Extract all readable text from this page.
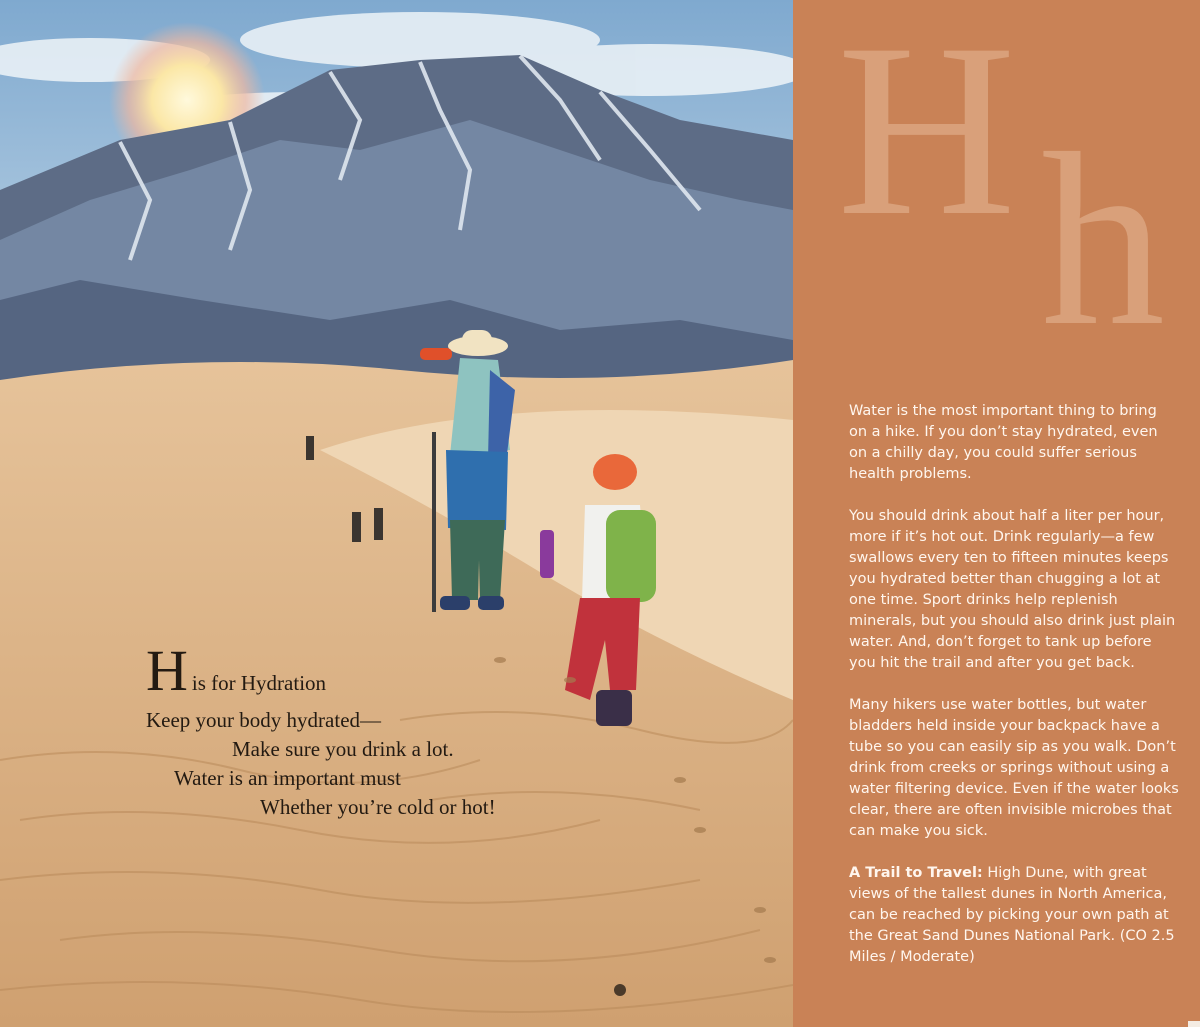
H is for Hydration
Keep your body hydrated—
Make sure you drink a lot.
Water is an important must
Whether you’re cold or hot!
H h

Water is the most important thing to bring on a hike. If you don’t stay hydrated, even on a chilly day, you could suffer serious health problems.

You should drink about half a liter per hour, more if it’s hot out. Drink regularly—a few swallows every ten to fifteen minutes keeps you hydrated better than chugging a lot at one time. Sport drinks help replenish minerals, but you should also drink just plain water. And, don’t forget to tank up before you hit the trail and after you get back.

Many hikers use water bottles, but water bladders held inside your backpack have a tube so you can easily sip as you walk. Don’t drink from creeks or springs without using a water filtering device. Even if the water looks clear, there are often invisible microbes that can make you sick.

A Trail to Travel: High Dune, with great views of the tallest dunes in North America, can be reached by picking your own path at the Great Sand Dunes National Park. (CO 2.5 Miles / Moderate)
